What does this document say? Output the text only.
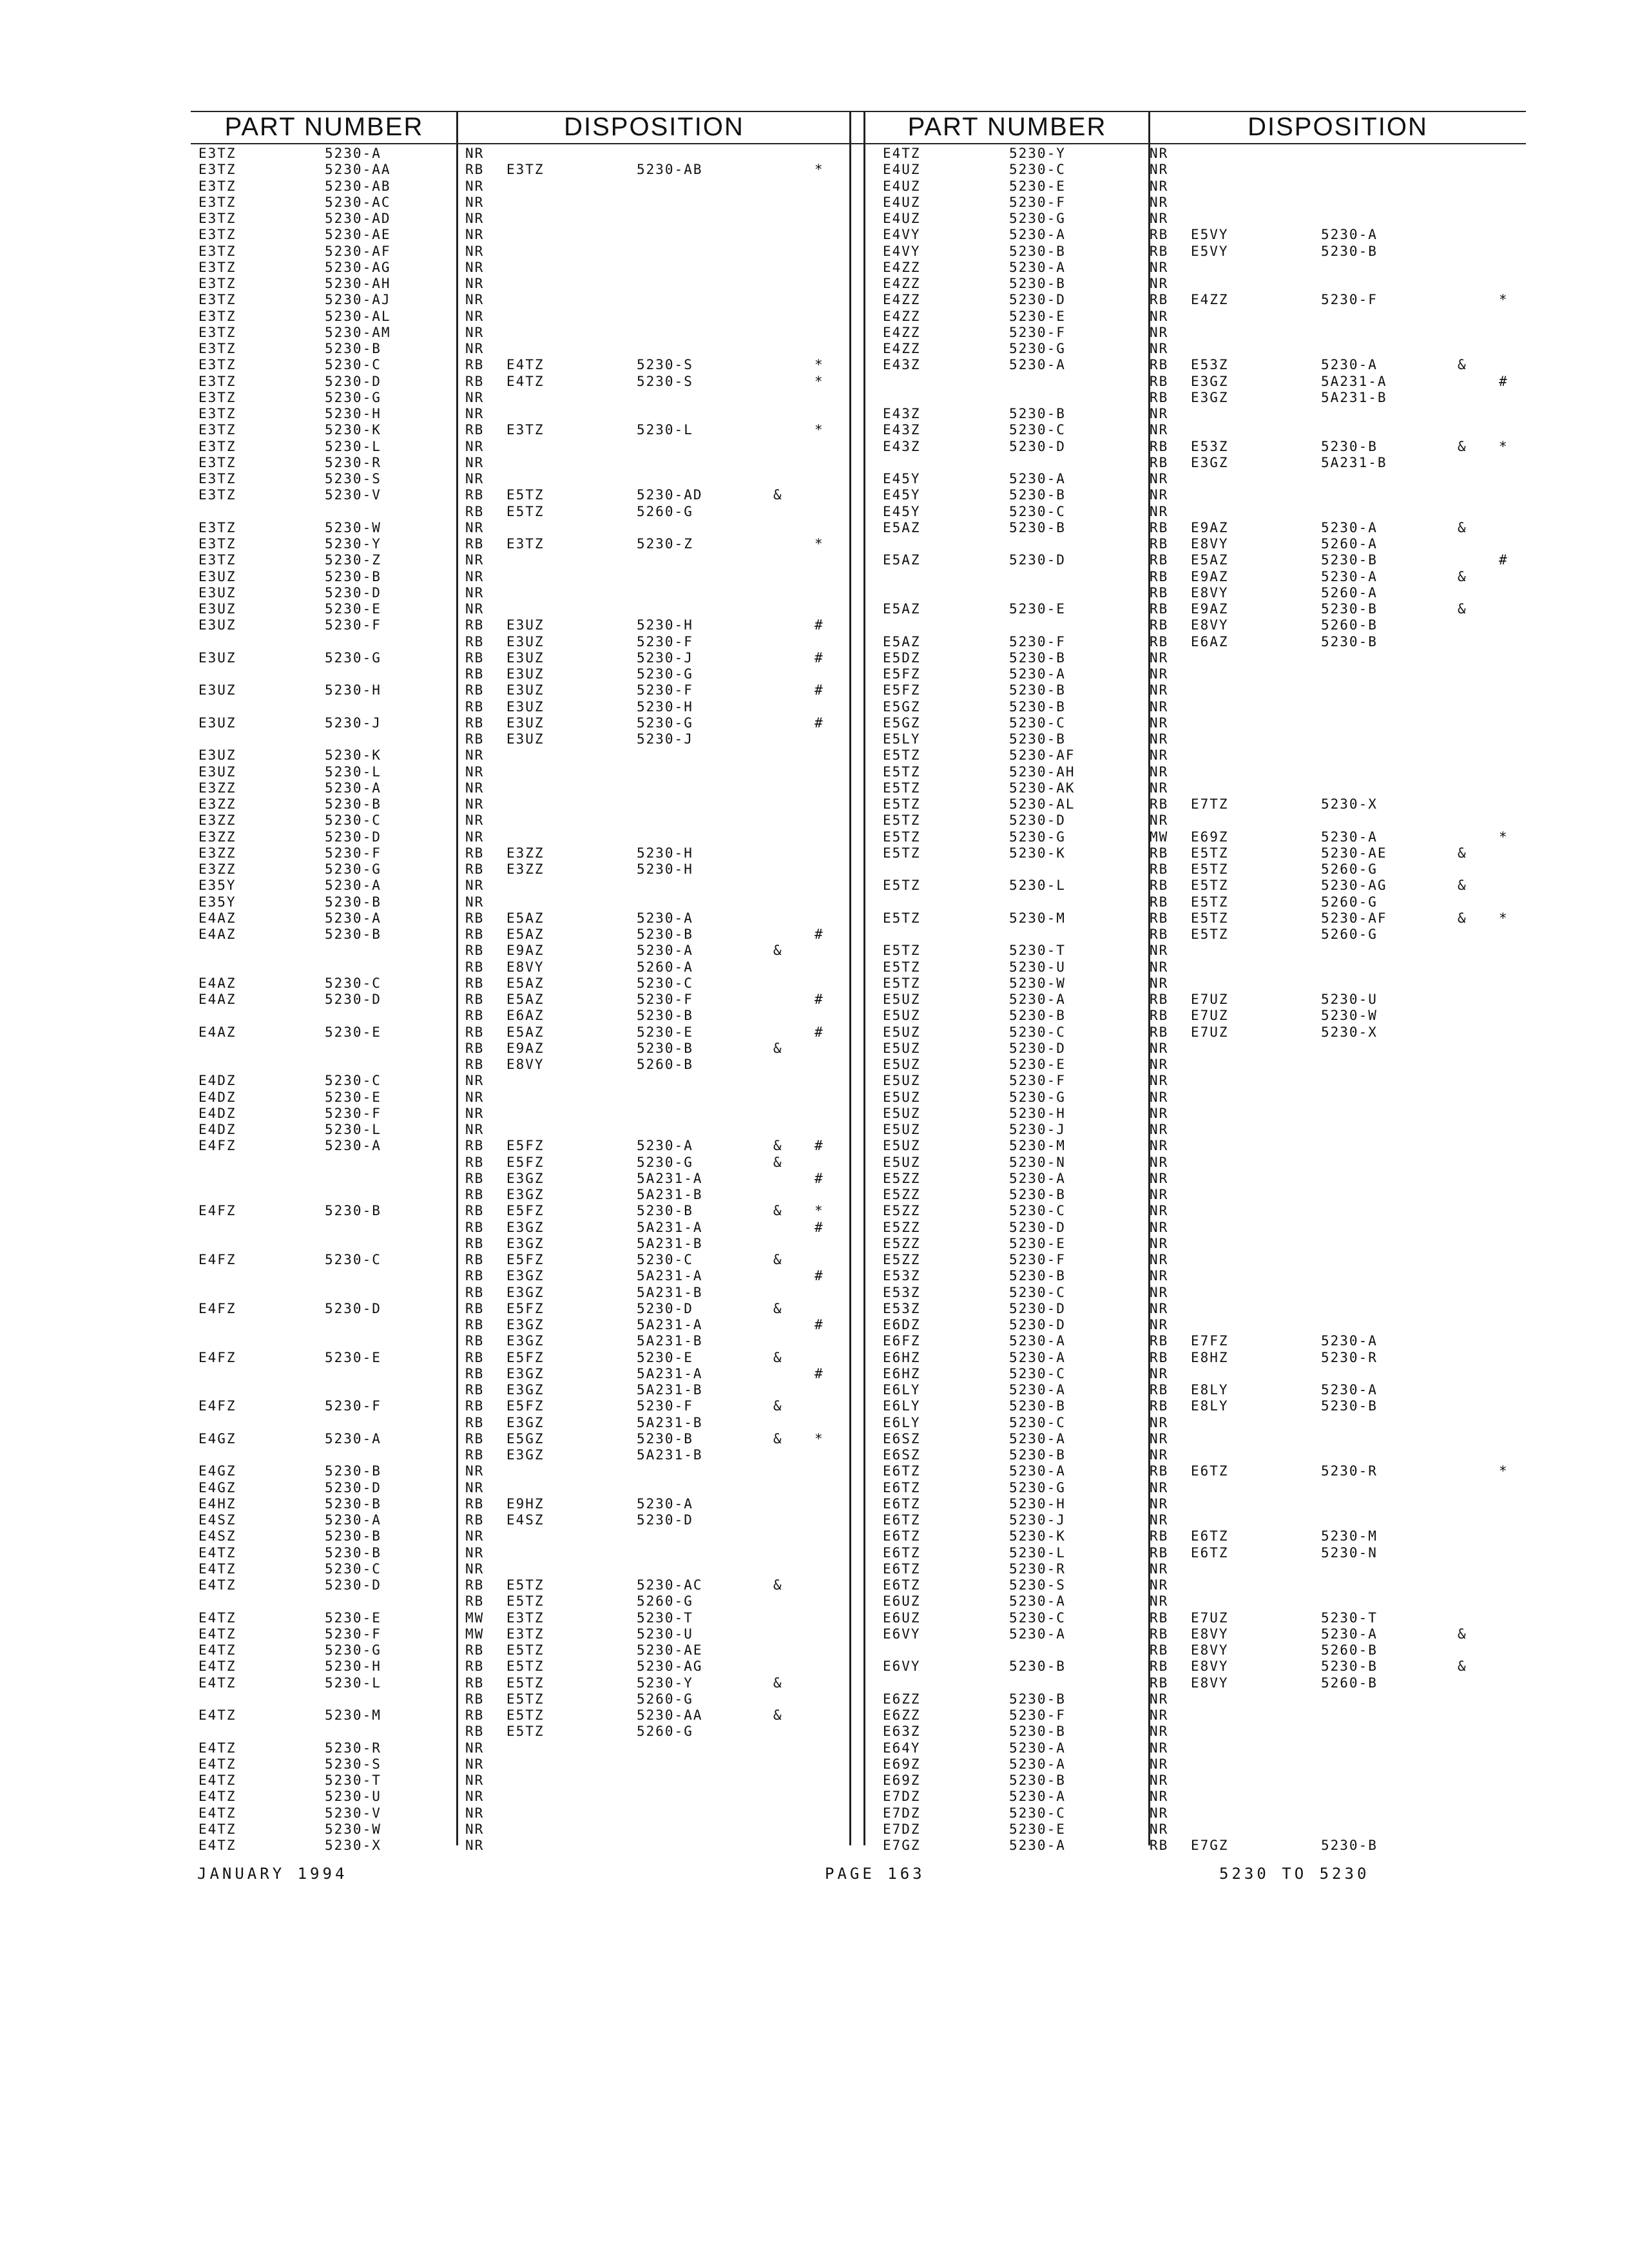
PART NUMBER	DISPOSITION	PART NUMBER	DISPOSITION
E3TZ	5230-A	NR
E3TZ	5230-AA	RB E3TZ	5230-AB	*
E3TZ	5230-AB	NR
E3TZ	5230-AC	NR
E3TZ	5230-AD	NR
E3TZ	5230-AE	NR
E3TZ	5230-AF	NR
E3TZ	5230-AG	NR
E3TZ	5230-AH	NR
E3TZ	5230-AJ	NR
E3TZ	5230-AL	NR
E3TZ	5230-AM	NR
E3TZ	5230-B	NR
E3TZ	5230-C	RB E4TZ	5230-S	*
E3TZ	5230-D	RB E4TZ	5230-S	*
E3TZ	5230-G	NR
E3TZ	5230-H	NR
E3TZ	5230-K	RB E3TZ	5230-L	*
E3TZ	5230-L	NR
E3TZ	5230-R	NR
E3TZ	5230-S	NR
E3TZ	5230-V	RB E5TZ	5230-AD	&
RB E5TZ	5260-G
E3TZ	5230-W	NR
E3TZ	5230-Y	RB E3TZ	5230-Z	*
E3TZ	5230-Z	NR
E3UZ	5230-B	NR
E3UZ	5230-D	NR
E3UZ	5230-E	NR
E3UZ	5230-F	RB E3UZ	5230-H	#
RB E3UZ	5230-F
E3UZ	5230-G	RB E3UZ	5230-J	#
RB E3UZ	5230-G
E3UZ	5230-H	RB E3UZ	5230-F	#
RB E3UZ	5230-H
E3UZ	5230-J	RB E3UZ	5230-G	#
RB E3UZ	5230-J
E3UZ	5230-K	NR
E3UZ	5230-L	NR
E3ZZ	5230-A	NR
E3ZZ	5230-B	NR
E3ZZ	5230-C	NR
E3ZZ	5230-D	NR
E3ZZ	5230-F	RB E3ZZ	5230-H
E3ZZ	5230-G	RB E3ZZ	5230-H
E35Y	5230-A	NR
E35Y	5230-B	NR
E4AZ	5230-A	RB E5AZ	5230-A
E4AZ	5230-B	RB E5AZ	5230-B	#
RB E9AZ	5230-A	&
RB E8VY	5260-A
E4AZ	5230-C	RB E5AZ	5230-C
E4AZ	5230-D	RB E5AZ	5230-F	#
RB E6AZ	5230-B
E4AZ	5230-E	RB E5AZ	5230-E	#
RB E9AZ	5230-B	&
RB E8VY	5260-B
E4DZ	5230-C	NR
E4DZ	5230-E	NR
E4DZ	5230-F	NR
E4DZ	5230-L	NR
E4FZ	5230-A	RB E5FZ	5230-A	& #
RB E5FZ	5230-G	&
RB E3GZ	5A231-A	#
RB E3GZ	5A231-B
E4FZ	5230-B	RB E5FZ	5230-B	& *
RB E3GZ	5A231-A	#
RB E3GZ	5A231-B
E4FZ	5230-C	RB E5FZ	5230-C	&
RB E3GZ	5A231-A	#
RB E3GZ	5A231-B
E4FZ	5230-D	RB E5FZ	5230-D	&
RB E3GZ	5A231-A	#
RB E3GZ	5A231-B
E4FZ	5230-E	RB E5FZ	5230-E	&
RB E3GZ	5A231-A	#
RB E3GZ	5A231-B
E4FZ	5230-F	RB E5FZ	5230-F	&
RB E3GZ	5A231-B
E4GZ	5230-A	RB E5GZ	5230-B	& *
RB E3GZ	5A231-B
E4GZ	5230-B	NR
E4GZ	5230-D	NR
E4HZ	5230-B	RB E9HZ	5230-A
E4SZ	5230-A	RB E4SZ	5230-D
E4SZ	5230-B	NR
E4TZ	5230-B	NR
E4TZ	5230-C	NR
E4TZ	5230-D	RB E5TZ	5230-AC	&
RB E5TZ	5260-G
E4TZ	5230-E	MW E3TZ	5230-T
E4TZ	5230-F	MW E3TZ	5230-U
E4TZ	5230-G	RB E5TZ	5230-AE
E4TZ	5230-H	RB E5TZ	5230-AG
E4TZ	5230-L	RB E5TZ	5230-Y	&
RB E5TZ	5260-G
E4TZ	5230-M	RB E5TZ	5230-AA	&
RB E5TZ	5260-G
E4TZ	5230-R	NR
E4TZ	5230-S	NR
E4TZ	5230-T	NR
E4TZ	5230-U	NR
E4TZ	5230-V	NR
E4TZ	5230-W	NR
E4TZ	5230-X	NR
E4TZ	5230-Y	NR
E4UZ	5230-C	NR
E4UZ	5230-E	NR
E4UZ	5230-F	NR
E4UZ	5230-G	NR
E4VY	5230-A	RB E5VY	5230-A
E4VY	5230-B	RB E5VY	5230-B
E4ZZ	5230-A	NR
E4ZZ	5230-B	NR
E4ZZ	5230-D	RB E4ZZ	5230-F	*
E4ZZ	5230-E	NR
E4ZZ	5230-F	NR
E4ZZ	5230-G	NR
E43Z	5230-A	RB E53Z	5230-A	&
RB E3GZ	5A231-A	#
RB E3GZ	5A231-B
E43Z	5230-B	NR
E43Z	5230-C	NR
E43Z	5230-D	RB E53Z	5230-B	& *
RB E3GZ	5A231-B
E45Y	5230-A	NR
E45Y	5230-B	NR
E45Y	5230-C	NR
E5AZ	5230-B	RB E9AZ	5230-A	&
RB E8VY	5260-A
E5AZ	5230-D	RB E5AZ	5230-B	#
RB E9AZ	5230-A	&
RB E8VY	5260-A
E5AZ	5230-E	RB E9AZ	5230-B	&
RB E8VY	5260-B
E5AZ	5230-F	RB E6AZ	5230-B
E5DZ	5230-B	NR
E5FZ	5230-A	NR
E5FZ	5230-B	NR
E5GZ	5230-B	NR
E5GZ	5230-C	NR
E5LY	5230-B	NR
E5TZ	5230-AF	NR
E5TZ	5230-AH	NR
E5TZ	5230-AK	NR
E5TZ	5230-AL	RB E7TZ	5230-X
E5TZ	5230-D	NR
E5TZ	5230-G	MW E69Z	5230-A	*
E5TZ	5230-K	RB E5TZ	5230-AE	&
RB E5TZ	5260-G
E5TZ	5230-L	RB E5TZ	5230-AG	&
RB E5TZ	5260-G
E5TZ	5230-M	RB E5TZ	5230-AF	& *
RB E5TZ	5260-G
E5TZ	5230-T	NR
E5TZ	5230-U	NR
E5TZ	5230-W	NR
E5UZ	5230-A	RB E7UZ	5230-U
E5UZ	5230-B	RB E7UZ	5230-W
E5UZ	5230-C	RB E7UZ	5230-X
E5UZ	5230-D	NR
E5UZ	5230-E	NR
E5UZ	5230-F	NR
E5UZ	5230-G	NR
E5UZ	5230-H	NR
E5UZ	5230-J	NR
E5UZ	5230-M	NR
E5UZ	5230-N	NR
E5ZZ	5230-A	NR
E5ZZ	5230-B	NR
E5ZZ	5230-C	NR
E5ZZ	5230-D	NR
E5ZZ	5230-E	NR
E5ZZ	5230-F	NR
E53Z	5230-B	NR
E53Z	5230-C	NR
E53Z	5230-D	NR
E6DZ	5230-D	NR
E6FZ	5230-A	RB E7FZ	5230-A
E6HZ	5230-A	RB E8HZ	5230-R
E6HZ	5230-C	NR
E6LY	5230-A	RB E8LY	5230-A
E6LY	5230-B	RB E8LY	5230-B
E6LY	5230-C	NR
E6SZ	5230-A	NR
E6SZ	5230-B	NR
E6TZ	5230-A	RB E6TZ	5230-R	*
E6TZ	5230-G	NR
E6TZ	5230-H	NR
E6TZ	5230-J	NR
E6TZ	5230-K	RB E6TZ	5230-M
E6TZ	5230-L	RB E6TZ	5230-N
E6TZ	5230-R	NR
E6TZ	5230-S	NR
E6UZ	5230-A	NR
E6UZ	5230-C	RB E7UZ	5230-T
E6VY	5230-A	RB E8VY	5230-A	&
RB E8VY	5260-B
E6VY	5230-B	RB E8VY	5230-B	&
RB E8VY	5260-B
E6ZZ	5230-B	NR
E6ZZ	5230-F	NR
E63Z	5230-B	NR
E64Y	5230-A	NR
E69Z	5230-A	NR
E69Z	5230-B	NR
E7DZ	5230-A	NR
E7DZ	5230-C	NR
E7DZ	5230-E	NR
E7GZ	5230-A	RB E7GZ	5230-B
JANUARY 1994	PAGE 163	5230 TO 5230
